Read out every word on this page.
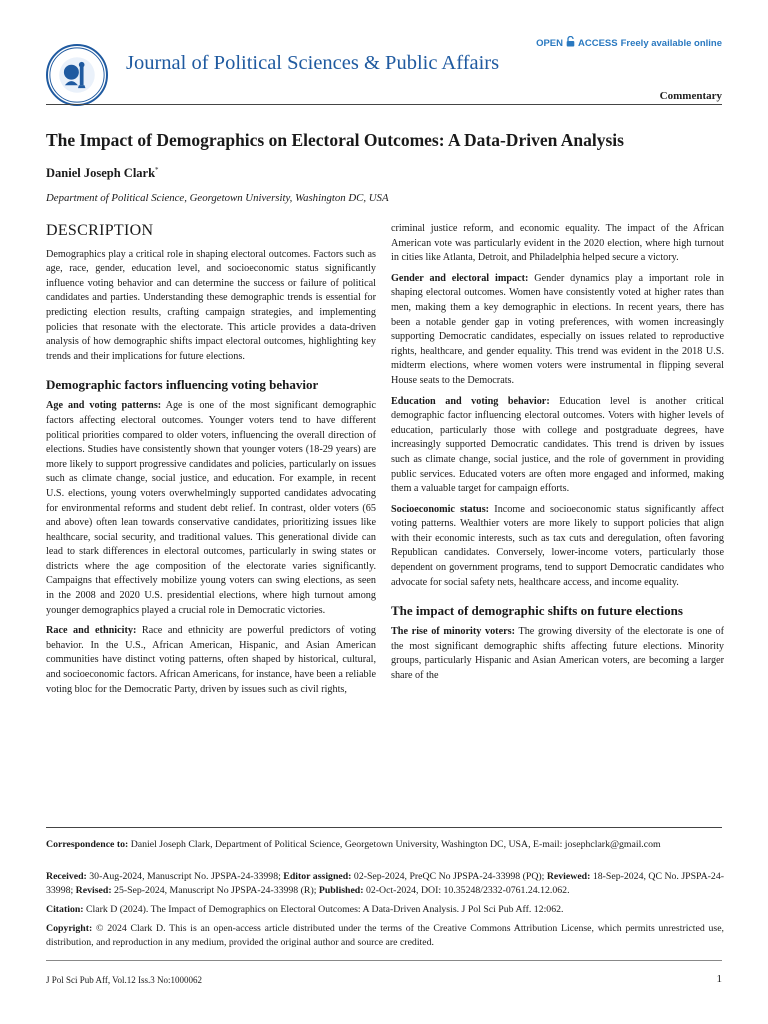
Journal of Political Sciences & Public Affairs
OPEN ACCESS Freely available online
Commentary
The Impact of Demographics on Electoral Outcomes: A Data-Driven Analysis
Daniel Joseph Clark*
Department of Political Science, Georgetown University, Washington DC, USA
DESCRIPTION

Demographics play a critical role in shaping electoral outcomes. Factors such as age, race, gender, education level, and socioeconomic status significantly influence voting behavior and can determine the success or failure of political candidates and parties. Understanding these demographic trends is essential for predicting election results, crafting campaign strategies, and implementing policies that resonate with the electorate. This article provides a data-driven analysis of how demographic shifts impact electoral outcomes, highlighting key trends and their implications for future elections.

Demographic factors influencing voting behavior

Age and voting patterns: Age is one of the most significant demographic factors affecting electoral outcomes. Younger voters tend to have different political priorities compared to older voters, influencing the overall direction of elections. Studies have consistently shown that younger voters (18-29 years) are more likely to support progressive candidates and policies, particularly on issues such as climate change, social justice, and education. For example, in recent U.S. elections, young voters overwhelmingly supported candidates advocating for environmental reforms and student debt relief. In contrast, older voters (65 and above) often lean towards conservative candidates, prioritizing issues like healthcare, social security, and traditional values. This generational divide can lead to stark differences in electoral outcomes, particularly in swing states or districts where the age composition of the electorate varies significantly. Campaigns that effectively mobilize young voters can swing elections, as seen in the 2008 and 2020 U.S. presidential elections, where high turnout among younger demographics played a crucial role in Democratic victories.

Race and ethnicity: Race and ethnicity are powerful predictors of voting behavior. In the U.S., African American, Hispanic, and Asian American communities have distinct voting patterns, often shaped by historical, cultural, and socioeconomic factors. African Americans, for instance, have been a reliable voting bloc for the Democratic Party, driven by issues such as civil rights,

criminal justice reform, and economic equality. The impact of the African American vote was particularly evident in the 2020 election, where high turnout in cities like Atlanta, Detroit, and Philadelphia helped secure a victory.

Gender and electoral impact: Gender dynamics play a important role in shaping electoral outcomes. Women have consistently voted at higher rates than men, making them a key demographic in elections. In recent years, there has been a notable gender gap in voting preferences, with women increasingly supporting Democratic candidates, especially on issues related to reproductive rights, healthcare, and gender equality. This trend was evident in the 2018 U.S. midterm elections, where women voters were instrumental in flipping several House seats to the Democrats.

Education and voting behavior: Education level is another critical demographic factor influencing electoral outcomes. Voters with higher levels of education, particularly those with college and postgraduate degrees, have increasingly supported Democratic candidates. This trend is driven by issues such as climate change, social justice, and the role of government in providing public services. Educated voters are often more engaged and informed, making them a valuable target for campaign efforts.

Socioeconomic status: Income and socioeconomic status significantly affect voting patterns. Wealthier voters are more likely to support policies that align with their economic interests, such as tax cuts and deregulation, often favoring Republican candidates. Conversely, lower-income voters, particularly those dependent on government programs, tend to support Democratic candidates who advocate for social safety nets, healthcare access, and income equality.

The impact of demographic shifts on future elections

The rise of minority voters: The growing diversity of the electorate is one of the most significant demographic shifts affecting future elections. Minority groups, particularly Hispanic and Asian American voters, are becoming a larger share of the

Correspondence to: Daniel Joseph Clark, Department of Political Science, Georgetown University, Washington DC, USA, E-mail: josephclark@gmail.com
Received: 30-Aug-2024, Manuscript No. JPSPA-24-33998; Editor assigned: 02-Sep-2024, PreQC No JPSPA-24-33998 (PQ); Reviewed: 18-Sep-2024, QC No. JPSPA-24-33998; Revised: 25-Sep-2024, Manuscript No JPSPA-24-33998 (R); Published: 02-Oct-2024, DOI: 10.35248/2332-0761.24.12.062.
Citation: Clark D (2024). The Impact of Demographics on Electoral Outcomes: A Data-Driven Analysis. J Pol Sci Pub Aff. 12:062.
Copyright: © 2024 Clark D. This is an open-access article distributed under the terms of the Creative Commons Attribution License, which permits unrestricted use, distribution, and reproduction in any medium, provided the original author and source are credited.
J Pol Sci Pub Aff, Vol.12 Iss.3 No:1000062	1
